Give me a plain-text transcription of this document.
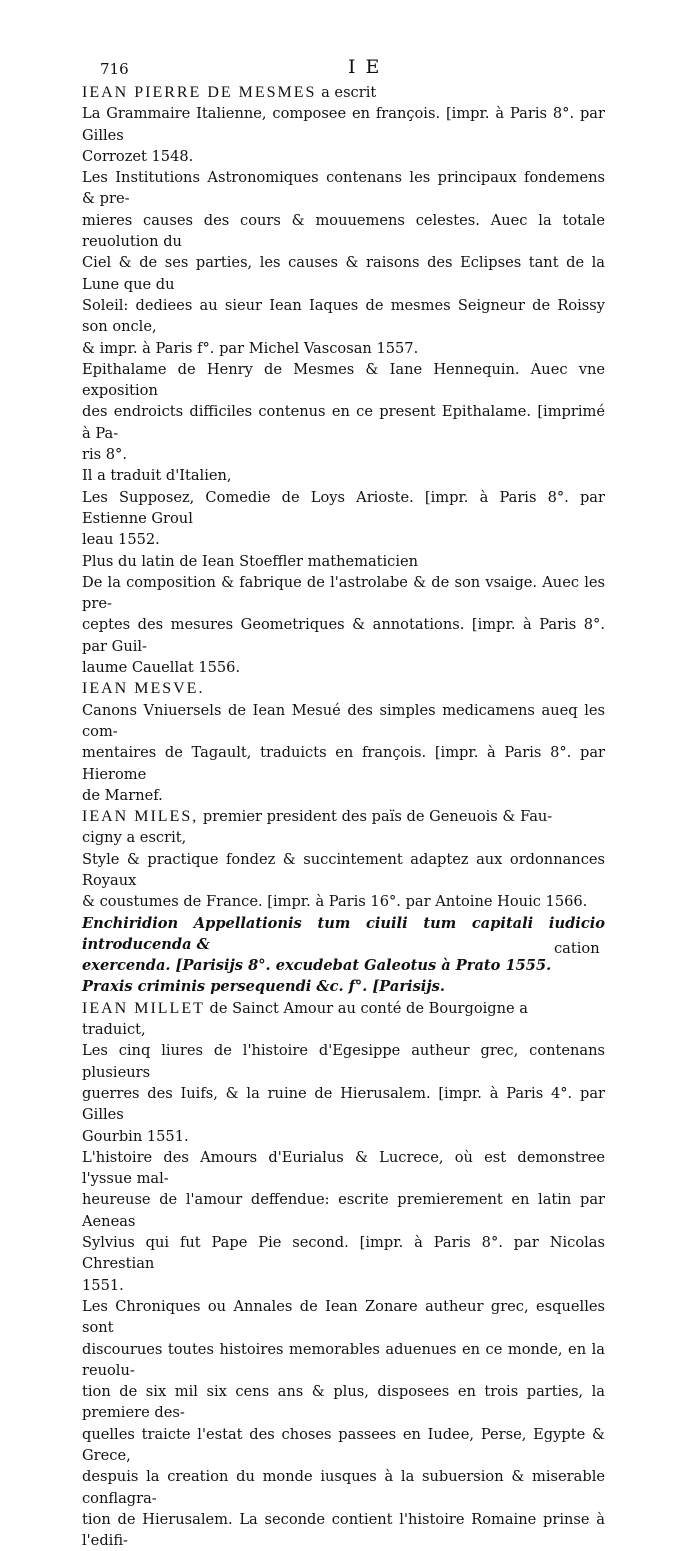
716	I E

IEAN PIERRE DE MESMES a escrit

La Grammaire Italienne, composee en françois. [impr. à Paris 8°. par Gilles

Corrozet 1548.

Les Institutions Astronomiques contenans les principaux fondemens & pre-

mieres causes des cours & mouuemens celestes. Auec la totale reuolution du

Ciel & de ses parties, les causes & raisons des Eclipses tant de la Lune que du

Soleil: dediees au sieur Iean Iaques de mesmes Seigneur de Roissy son oncle,

& impr. à Paris f°. par Michel Vascosan 1557.

Epithalame de Henry de Mesmes & Iane Hennequin. Auec vne exposition

des endroicts difficiles contenus en ce present Epithalame. [imprimé à Pa-

ris 8°.

Il a traduit d'Italien,

Les Supposez, Comedie de Loys Arioste. [impr. à Paris 8°. par Estienne Groul

leau 1552.

Plus du latin de Iean Stoeffler mathematicien

De la composition & fabrique de l'astrolabe & de son vsaige. Auec les pre-

ceptes des mesures Geometriques & annotations. [impr. à Paris 8°. par Guil-

laume Cauellat 1556.

IEAN MESVE.

Canons Vniuersels de Iean Mesué des simples medicamens aueq les com-

mentaires de Tagault, traduicts en françois. [impr. à Paris 8°. par Hierome

de Marnef.

IEAN MILES, premier president des païs de Geneuois & Fau-

cigny a escrit,

Style & practique fondez & succintement adaptez aux ordonnances Royaux

& coustumes de France. [impr. à Paris 16°. par Antoine Houic 1566.

Enchiridion Appellationis tum ciuili tum capitali iudicio introducenda &

exercenda. [Parisijs 8°. excudebat Galeotus à Prato 1555.

Praxis criminis persequendi &c. f°. [Parisijs.

IEAN MILLET de Sainct Amour au conté de Bourgoigne a

traduict,

Les cinq liures de l'histoire d'Egesippe autheur grec, contenans plusieurs

guerres des Iuifs, & la ruine de Hierusalem. [impr. à Paris 4°. par Gilles

Gourbin 1551.

L'histoire des Amours d'Eurialus & Lucrece, où est demonstree l'yssue mal-

heureuse de l'amour deffendue: escrite premierement en latin par Aeneas

Sylvius qui fut Pape Pie second. [impr. à Paris 8°. par Nicolas Chrestian

1551.

Les Chroniques ou Annales de Iean Zonare autheur grec, esquelles sont

discourues toutes histoires memorables aduenues en ce monde, en la reuolu-

tion de six mil six cens ans & plus, disposees en trois parties, la premiere des-

quelles traicte l'estat des choses passees en Iudee, Perse, Egypte & Grece,

despuis la creation du monde iusques à la subuersion & miserable conflagra-

tion de Hierusalem. La seconde contient l'histoire Romaine prinse à l'edifi-

cation
